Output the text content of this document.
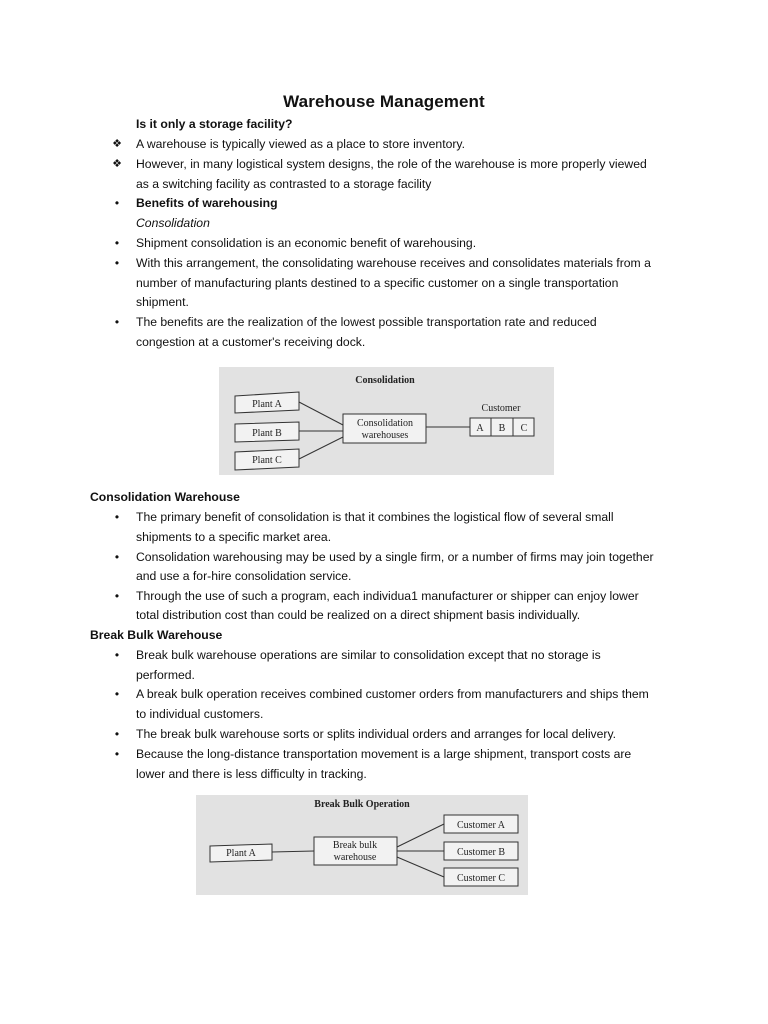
Warehouse Management
Is it only a storage facility?
❖ A warehouse is typically viewed as a place to store inventory.
❖ However, in many logistical system designs, the role of the warehouse is more properly viewed
as a switching facility as contrasted to a storage facility
•	Benefits of warehousing
Consolidation
•	Shipment consolidation is an economic benefit of warehousing.
•	With this arrangement, the consolidating warehouse receives and consolidates materials from a
number of manufacturing plants destined to a specific customer on a single transportation
shipment.
•	The benefits are the realization of the lowest possible transportation rate and reduced
congestion at a customer's receiving dock.
Consolidation
Plant A
Plant B
Plant C
Consolidation
warehouses
Customer
A B C
Consolidation Warehouse
•	The primary benefit of consolidation is that it combines the logistical flow of several small
shipments to a specific market area.
•	Consolidation warehousing may be used by a single firm, or a number of firms may join together
and use a for-hire consolidation service.
•	Through the use of such a program, each individua1 manufacturer or shipper can enjoy lower
total distribution cost than could be realized on a direct shipment basis individually.
Break Bulk Warehouse
•	Break bulk warehouse operations are similar to consolidation except that no storage is
performed.
•	A break bulk operation receives combined customer orders from manufacturers and ships them
to individual customers.
•	The break bulk warehouse sorts or splits individual orders and arranges for local delivery.
•	Because the long-distance transportation movement is a large shipment, transport costs are
lower and there is less difficulty in tracking.
Break Bulk Operation
Plant A
Break bulk
warehouse
Customer A
Customer B
Customer C
